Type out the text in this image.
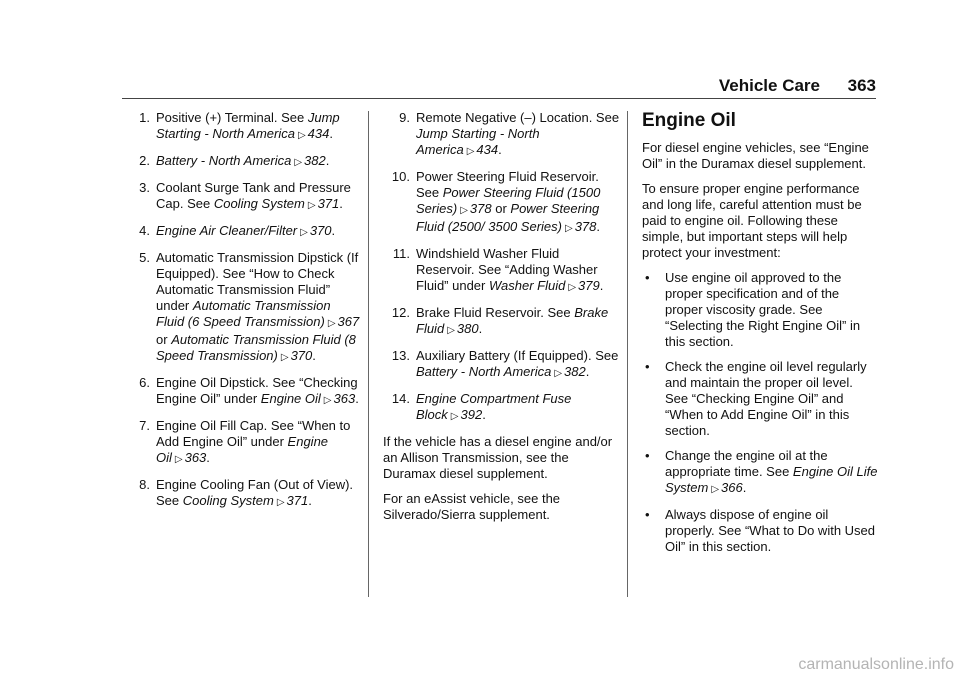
Vehicle Care	363
1. Positive (+) Terminal. See Jump Starting - North America ▷ 434.
2. Battery - North America ▷ 382.
3. Coolant Surge Tank and Pressure Cap. See Cooling System ▷ 371.
4. Engine Air Cleaner/Filter ▷ 370.
5. Automatic Transmission Dipstick (If Equipped). See “How to Check Automatic Transmission Fluid” under Automatic Transmission Fluid (6 Speed Transmission) ▷ 367 or Automatic Transmission Fluid (8 Speed Transmission) ▷ 370.
6. Engine Oil Dipstick. See “Checking Engine Oil” under Engine Oil ▷ 363.
7. Engine Oil Fill Cap. See “When to Add Engine Oil” under Engine Oil ▷ 363.
8. Engine Cooling Fan (Out of View). See Cooling System ▷ 371.
9. Remote Negative (–) Location. See Jump Starting - North America ▷ 434.
10. Power Steering Fluid Reservoir. See Power Steering Fluid (1500 Series) ▷ 378 or Power Steering Fluid (2500/ 3500 Series) ▷ 378.
11. Windshield Washer Fluid Reservoir. See “Adding Washer Fluid” under Washer Fluid ▷ 379.
12. Brake Fluid Reservoir. See Brake Fluid ▷ 380.
13. Auxiliary Battery (If Equipped). See Battery - North America ▷ 382.
14. Engine Compartment Fuse Block ▷ 392.

If the vehicle has a diesel engine and/or an Allison Transmission, see the Duramax diesel supplement.

For an eAssist vehicle, see the Silverado/Sierra supplement.

Engine Oil

For diesel engine vehicles, see “Engine Oil” in the Duramax diesel supplement.

To ensure proper engine performance and long life, careful attention must be paid to engine oil. Following these simple, but important steps will help protect your investment:

•	Use engine oil approved to the proper specification and of the proper viscosity grade. See “Selecting the Right Engine Oil” in this section.
•	Check the engine oil level regularly and maintain the proper oil level. See “Checking Engine Oil” and “When to Add Engine Oil” in this section.
•	Change the engine oil at the appropriate time. See Engine Oil Life System ▷ 366.
•	Always dispose of engine oil properly. See “What to Do with Used Oil” in this section.
carmanualsonline.info
